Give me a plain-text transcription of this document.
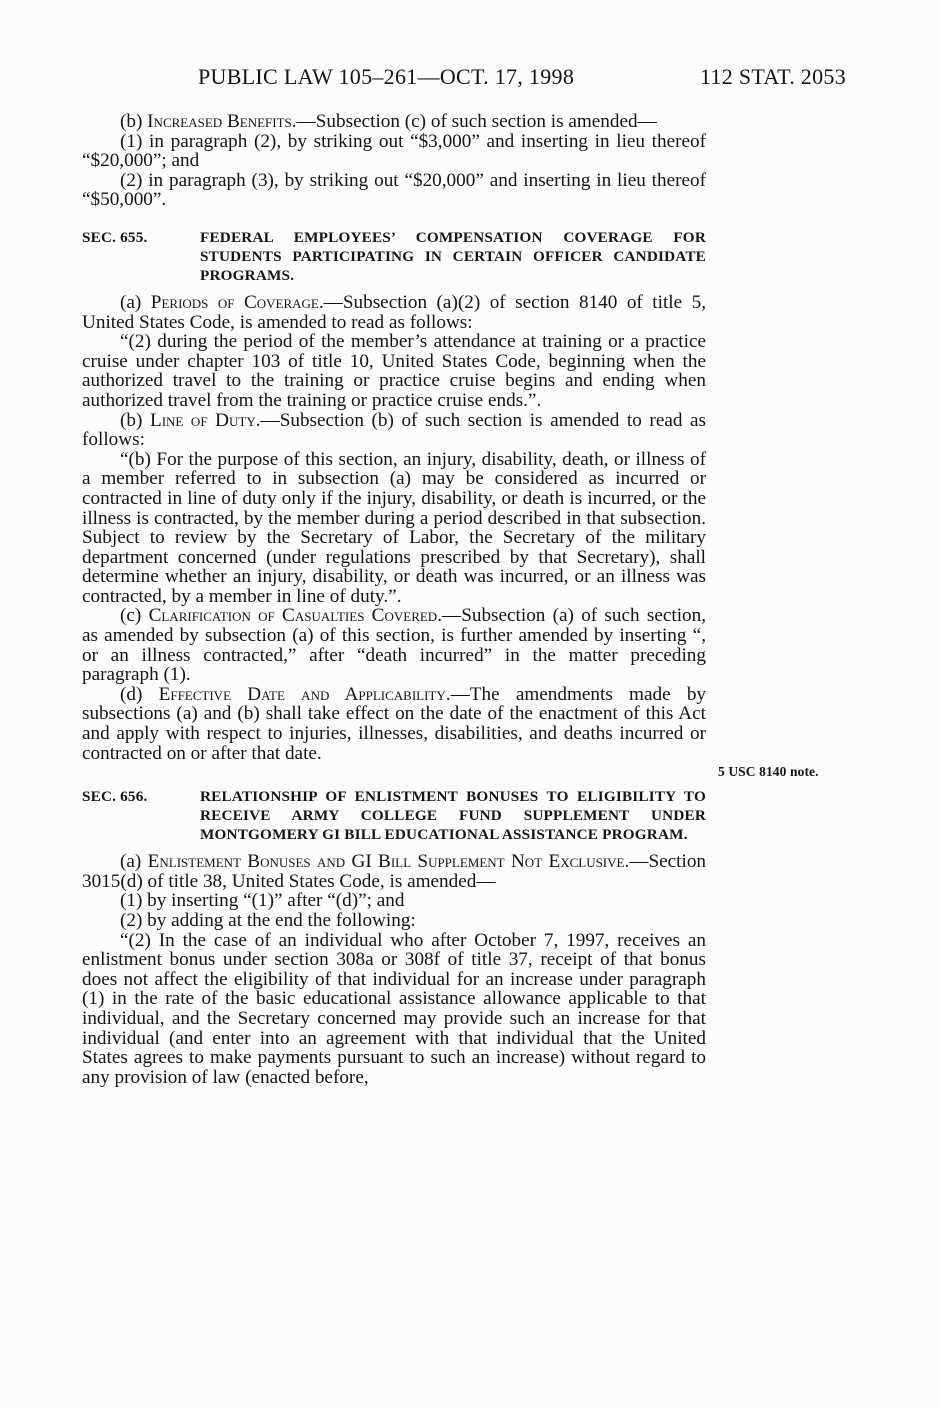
PUBLIC LAW 105–261—OCT. 17, 1998	112 STAT. 2053

(b) Increased Benefits.—Subsection (c) of such section is amended—

(1) in paragraph (2), by striking out “$3,000” and inserting in lieu thereof “$20,000”; and

(2) in paragraph (3), by striking out “$20,000” and inserting in lieu thereof “$50,000”.

SEC. 655.	FEDERAL EMPLOYEES’ COMPENSATION COVERAGE FOR STUDENTS PARTICIPATING IN CERTAIN OFFICER CANDIDATE PROGRAMS.

(a) Periods of Coverage.—Subsection (a)(2) of section 8140 of title 5, United States Code, is amended to read as follows:

“(2) during the period of the member’s attendance at training or a practice cruise under chapter 103 of title 10, United States Code, beginning when the authorized travel to the training or practice cruise begins and ending when authorized travel from the training or practice cruise ends.”.

(b) Line of Duty.—Subsection (b) of such section is amended to read as follows:

“(b) For the purpose of this section, an injury, disability, death, or illness of a member referred to in subsection (a) may be considered as incurred or contracted in line of duty only if the injury, disability, or death is incurred, or the illness is contracted, by the member during a period described in that subsection. Subject to review by the Secretary of Labor, the Secretary of the military department concerned (under regulations prescribed by that Secretary), shall determine whether an injury, disability, or death was incurred, or an illness was contracted, by a member in line of duty.”.

(c) Clarification of Casualties Covered.—Subsection (a) of such section, as amended by subsection (a) of this section, is further amended by inserting “, or an illness contracted,” after “death incurred” in the matter preceding paragraph (1).

(d) Effective Date and Applicability.—The amendments made by subsections (a) and (b) shall take effect on the date of the enactment of this Act and apply with respect to injuries, illnesses, disabilities, and deaths incurred or contracted on or after that date.

SEC. 656.	RELATIONSHIP OF ENLISTMENT BONUSES TO ELIGIBILITY TO RECEIVE ARMY COLLEGE FUND SUPPLEMENT UNDER MONTGOMERY GI BILL EDUCATIONAL ASSISTANCE PROGRAM.

(a) Enlistement Bonuses and GI Bill Supplement Not Exclusive.—Section 3015(d) of title 38, United States Code, is amended—

(1) by inserting “(1)” after “(d)”; and

(2) by adding at the end the following:

“(2) In the case of an individual who after October 7, 1997, receives an enlistment bonus under section 308a or 308f of title 37, receipt of that bonus does not affect the eligibility of that individual for an increase under paragraph (1) in the rate of the basic educational assistance allowance applicable to that individual, and the Secretary concerned may provide such an increase for that individual (and enter into an agreement with that individual that the United States agrees to make payments pursuant to such an increase) without regard to any provision of law (enacted before,

5 USC 8140 note.
